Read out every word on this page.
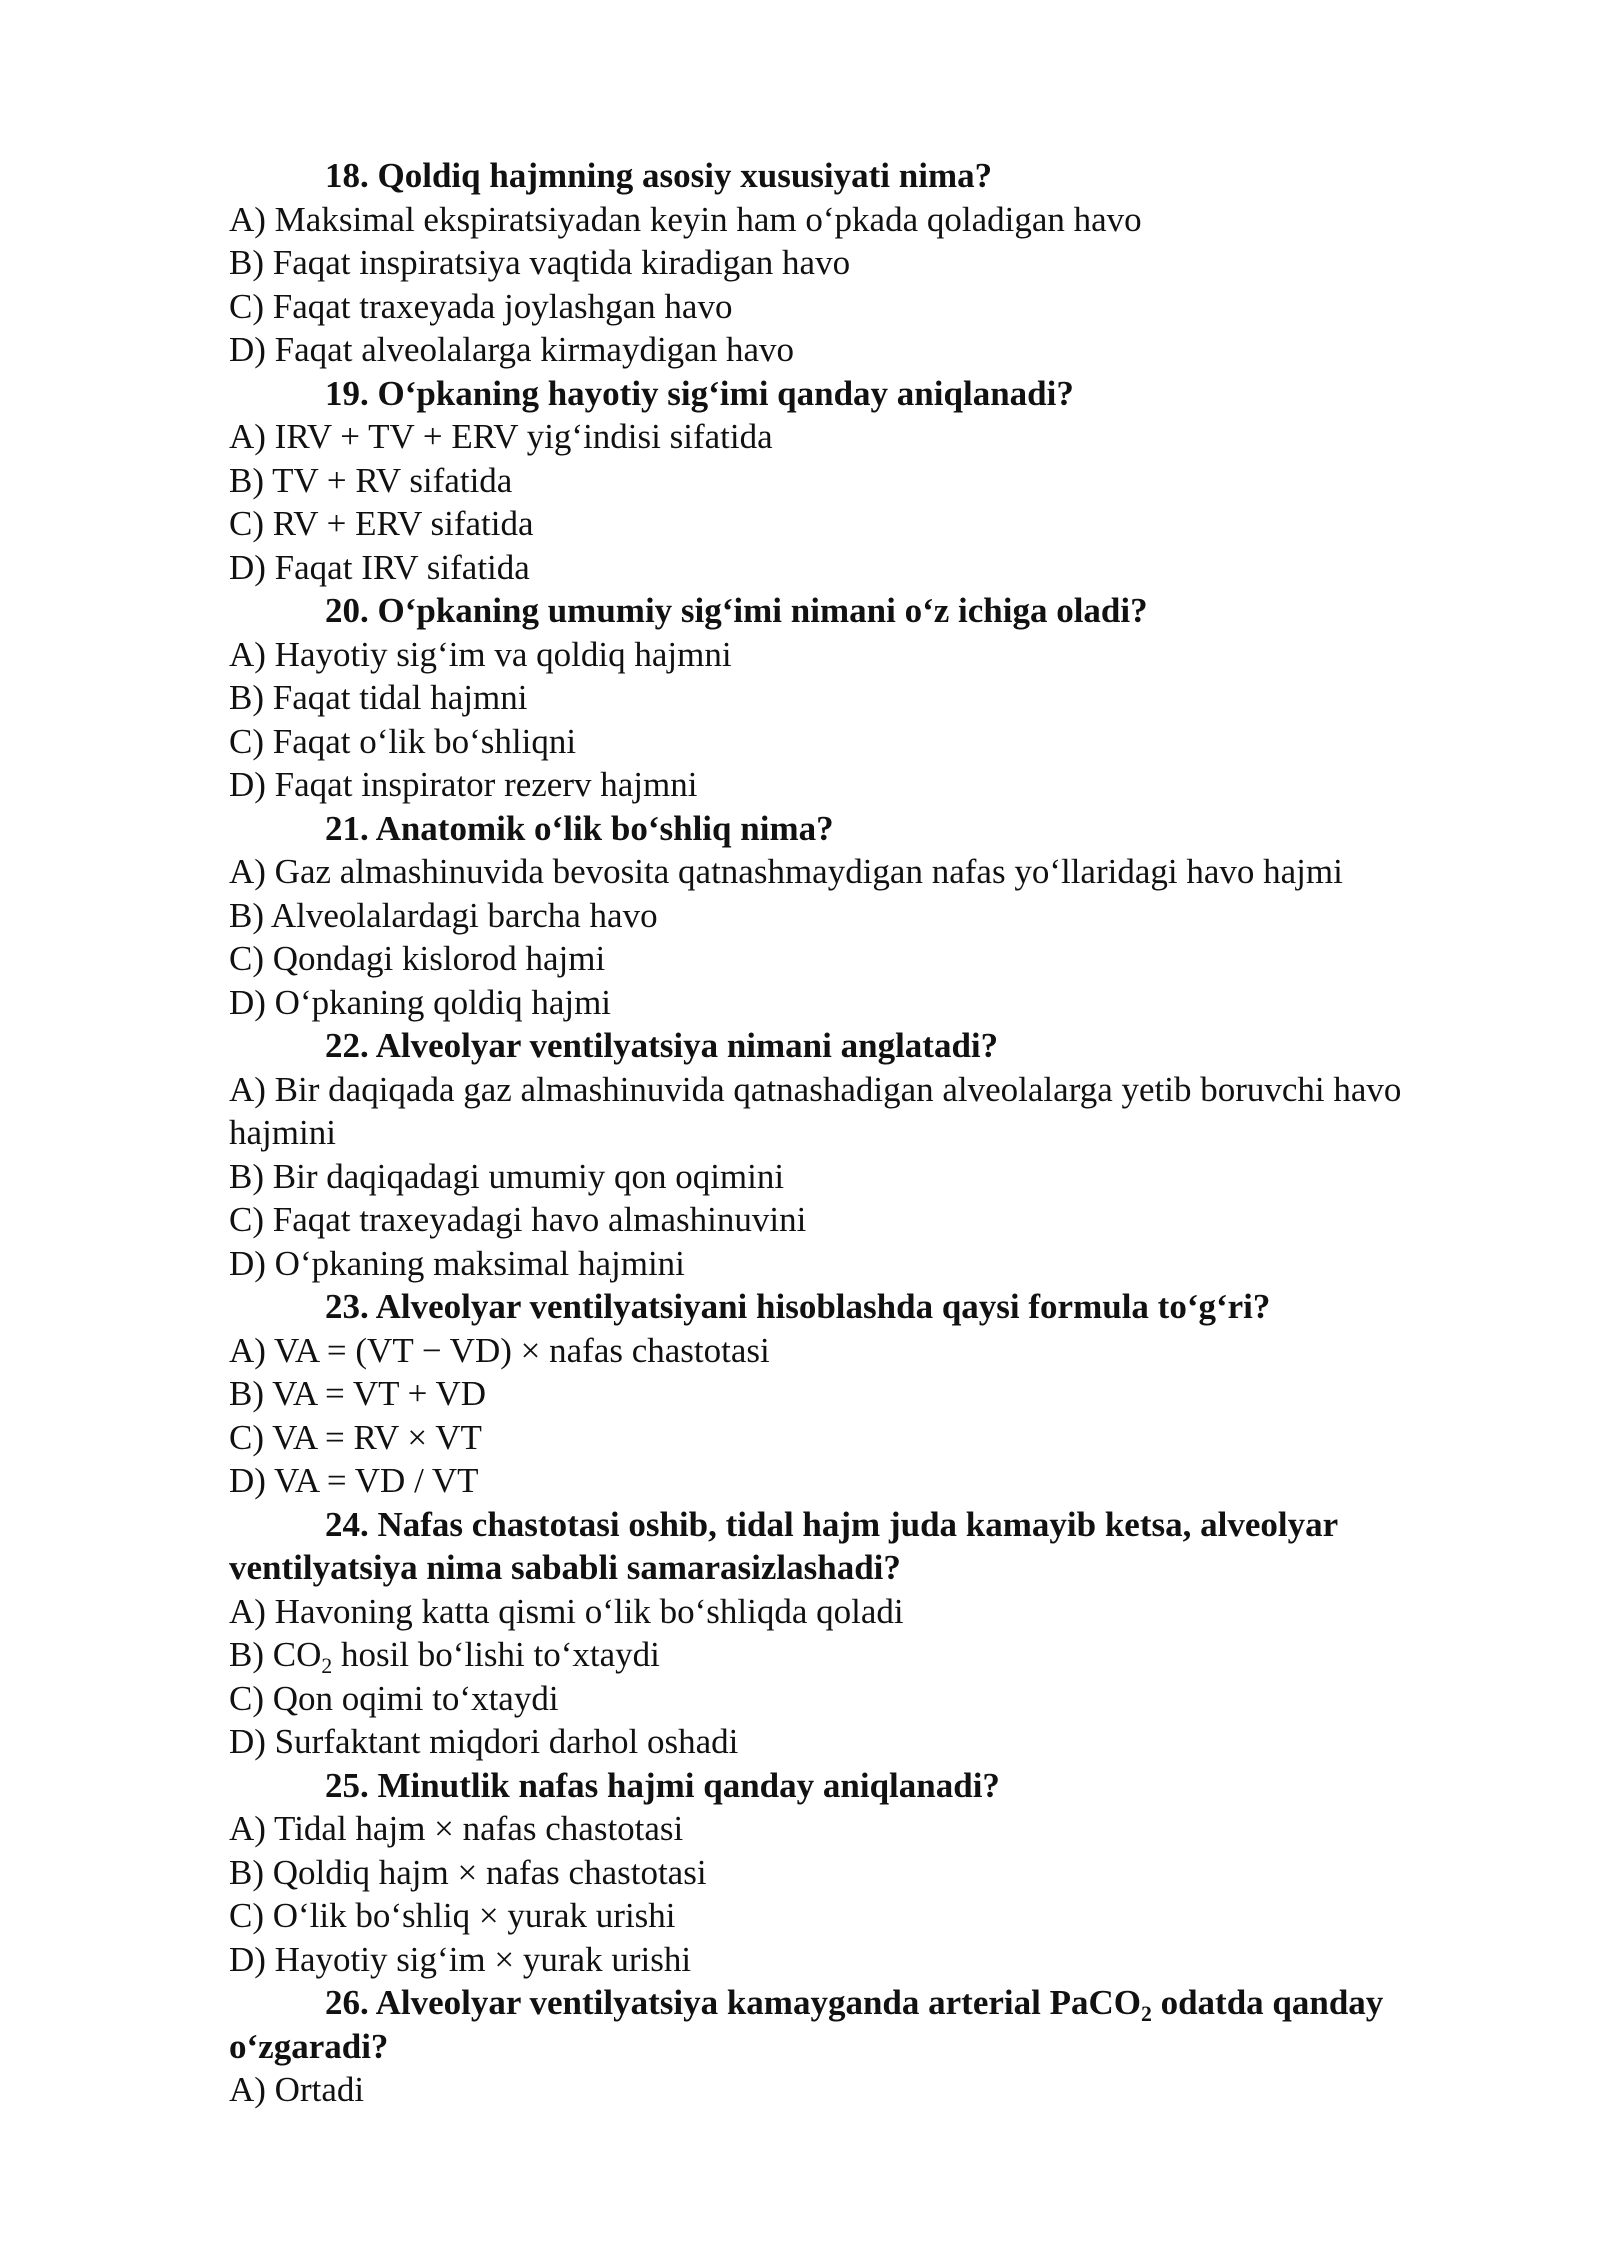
18. Qoldiq hajmning asosiy xususiyati nima?
A) Maksimal ekspiratsiyadan keyin ham o‘pkada qoladigan havo
B) Faqat inspiratsiya vaqtida kiradigan havo
C) Faqat traxeyada joylashgan havo
D) Faqat alveolalarga kirmaydigan havo
19. O‘pkaning hayotiy sig‘imi qanday aniqlanadi?
A) IRV + TV + ERV yig‘indisi sifatida
B) TV + RV sifatida
C) RV + ERV sifatida
D) Faqat IRV sifatida
20. O‘pkaning umumiy sig‘imi nimani o‘z ichiga oladi?
A) Hayotiy sig‘im va qoldiq hajmni
B) Faqat tidal hajmni
C) Faqat o‘lik bo‘shliqni
D) Faqat inspirator rezerv hajmni
21. Anatomik o‘lik bo‘shliq nima?
A) Gaz almashinuvida bevosita qatnashmaydigan nafas yo‘llaridagi havo hajmi
B) Alveolalardagi barcha havo
C) Qondagi kislorod hajmi
D) O‘pkaning qoldiq hajmi
22. Alveolyar ventilyatsiya nimani anglatadi?
A) Bir daqiqada gaz almashinuvida qatnashadigan alveolalarga yetib boruvchi havo hajmini
B) Bir daqiqadagi umumiy qon oqimini
C) Faqat traxeyadagi havo almashinuvini
D) O‘pkaning maksimal hajmini
23. Alveolyar ventilyatsiyani hisoblashda qaysi formula to‘g‘ri?
A) VA = (VT − VD) × nafas chastotasi
B) VA = VT + VD
C) VA = RV × VT
D) VA = VD / VT
24. Nafas chastotasi oshib, tidal hajm juda kamayib ketsa, alveolyar ventilyatsiya nima sababli samarasizlashadi?
A) Havoning katta qismi o‘lik bo‘shliqda qoladi
B) $CO_2$ hosil bo‘lishi to‘xtaydi
C) Qon oqimi to‘xtaydi
D) Surfaktant miqdori darhol oshadi
25. Minutlik nafas hajmi qanday aniqlanadi?
A) Tidal hajm × nafas chastotasi
B) Qoldiq hajm × nafas chastotasi
C) O‘lik bo‘shliq × yurak urishi
D) Hayotiy sig‘im × yurak urishi
26. Alveolyar ventilyatsiya kamayganda arterial PaCO$_2$ odatda qanday o‘zgaradi?
A) Ortadi
